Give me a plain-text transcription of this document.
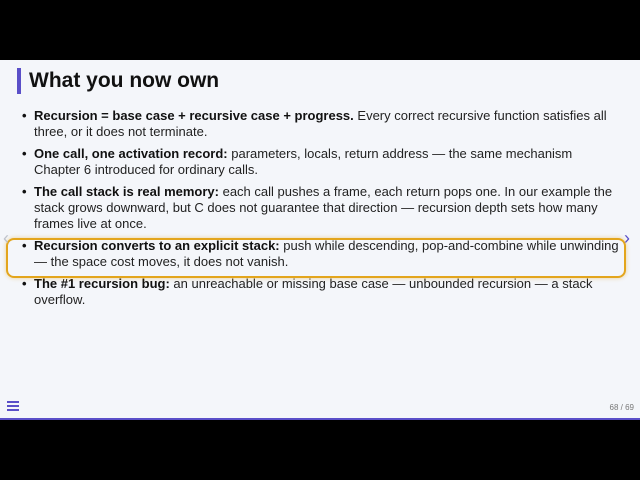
What you now own
• Recursion = base case + recursive case + progress. Every correct recursive function satisfies all three, or it does not terminate.
• One call, one activation record: parameters, locals, return address — the same mechanism Chapter 6 introduced for ordinary calls.
• The call stack is real memory: each call pushes a frame, each return pops one. In our example the stack grows downward, but C does not guarantee that direction — recursion depth sets how many frames live at once.
• Recursion converts to an explicit stack: push while descending, pop-and-combine while unwinding — the space cost moves, it does not vanish.
• The #1 recursion bug: an unreachable or missing base case — unbounded recursion — a stack overflow.
‹	›
68 / 69
